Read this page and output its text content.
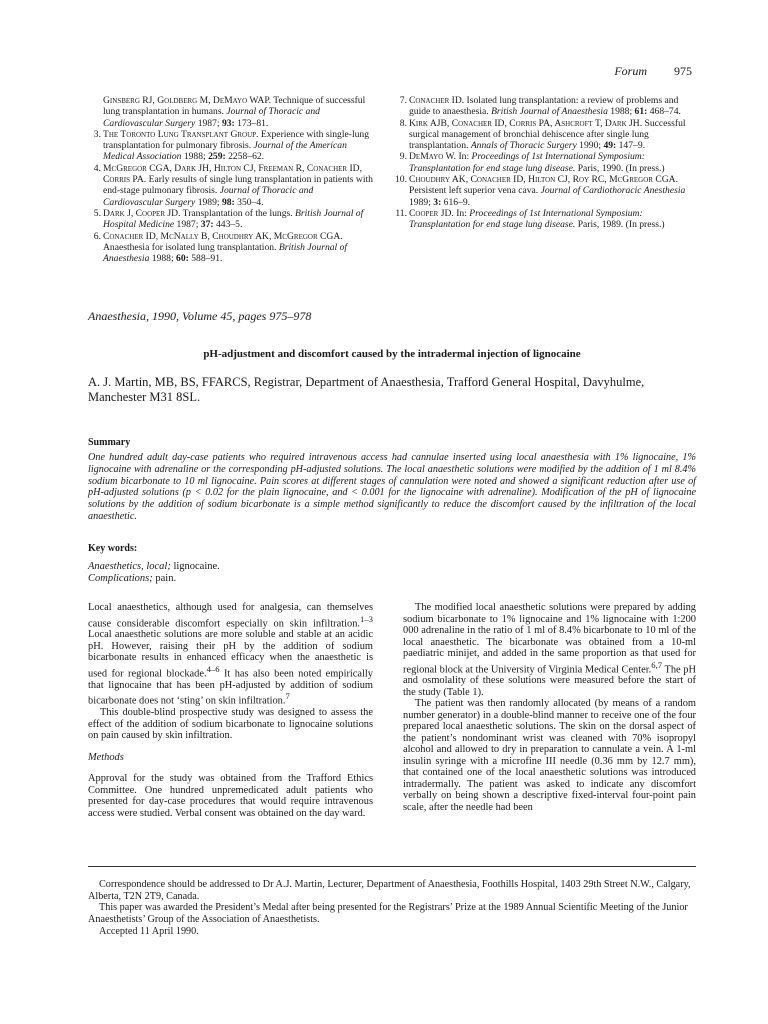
Forum 975
Ginsberg RJ, Goldberg M, DeMayo WAP. Technique of successful lung transplantation in humans. Journal of Thoracic and Cardiovascular Surgery 1987; 93: 173–81.
3. The Toronto Lung Transplant Group. Experience with single-lung transplantation for pulmonary fibrosis. Journal of the American Medical Association 1988; 259: 2258–62.
4. McGregor CGA, Dark JH, Hilton CJ, Freeman R, Conacher ID, Corris PA. Early results of single lung transplantation in patients with end-stage pulmonary fibrosis. Journal of Thoracic and Cardiovascular Surgery 1989; 98: 350–4.
5. Dark J, Cooper JD. Transplantation of the lungs. British Journal of Hospital Medicine 1987; 37: 443–5.
6. Conacher ID, McNally B, Choudhry AK, McGregor CGA. Anaesthesia for isolated lung transplantation. British Journal of Anaesthesia 1988; 60: 588–91.
7. Conacher ID. Isolated lung transplantation: a review of problems and guide to anaesthesia. British Journal of Anaesthesia 1988; 61: 468–74.
8. Kirk AJB, Conacher ID, Corris PA, Ashcroft T, Dark JH. Successful surgical management of bronchial dehiscence after single lung transplantation. Annals of Thoracic Surgery 1990; 49: 147–9.
9. DeMayo W. In: Proceedings of 1st International Symposium: Transplantation for end stage lung disease. Paris, 1990. (In press.)
10. Choudhry AK, Conacher ID, Hilton CJ, Roy RC, McGregor CGA. Persistent left superior vena cava. Journal of Cardiothoracic Anesthesia 1989; 3: 616–9.
11. Cooper JD. In: Proceedings of 1st International Symposium: Transplantation for end stage lung disease. Paris, 1989. (In press.)
Anaesthesia, 1990, Volume 45, pages 975–978
pH-adjustment and discomfort caused by the intradermal injection of lignocaine
A. J. Martin, MB, BS, FFARCS, Registrar, Department of Anaesthesia, Trafford General Hospital, Davyhulme, Manchester M31 8SL.
Summary
One hundred adult day-case patients who required intravenous access had cannulae inserted using local anaesthesia with 1% lignocaine, 1% lignocaine with adrenaline or the corresponding pH-adjusted solutions. The local anaesthetic solutions were modified by the addition of 1 ml 8.4% sodium bicarbonate to 10 ml lignocaine. Pain scores at different stages of cannulation were noted and showed a significant reduction after use of pH-adjusted solutions (p < 0.02 for the plain lignocaine, and < 0.001 for the lignocaine with adrenaline). Modification of the pH of lignocaine solutions by the addition of sodium bicarbonate is a simple method significantly to reduce the discomfort caused by the infiltration of the local anaesthetic.
Key words:
Anaesthetics, local; lignocaine.
Complications; pain.

Local anaesthetics, although used for analgesia, can themselves cause considerable discomfort especially on skin infiltration.$^{1-3}$ Local anaesthetic solutions are more soluble and stable at an acidic pH. However, raising their pH by the addition of sodium bicarbonate results in enhanced efficacy when the anaesthetic is used for regional blockade.$^{4-6}$ It has also been noted empirically that lignocaine that has been pH-adjusted by addition of sodium bicarbonate does not ‘sting’ on skin infiltration.$^7$

This double-blind prospective study was designed to assess the effect of the addition of sodium bicarbonate to lignocaine solutions on pain caused by skin infiltration.

Methods

Approval for the study was obtained from the Trafford Ethics Committee. One hundred unpremedicated adult patients who presented for day-case procedures that would require intravenous access were studied. Verbal consent was obtained on the day ward.

The modified local anaesthetic solutions were prepared by adding sodium bicarbonate to 1% lignocaine and 1% lignocaine with 1:200 000 adrenaline in the ratio of 1 ml of 8.4% bicarbonate to 10 ml of the local anaesthetic. The bicarbonate was obtained from a 10-ml paediatric minijet, and added in the same proportion as that used for regional block at the University of Virginia Medical Center.$^{6,7}$ The pH and osmolality of these solutions were measured before the start of the study (Table 1).

The patient was then randomly allocated (by means of a random number generator) in a double-blind manner to receive one of the four prepared local anaesthetic solutions. The skin on the dorsal aspect of the patient’s nondominant wrist was cleaned with 70% isopropyl alcohol and allowed to dry in preparation to cannulate a vein. A 1-ml insulin syringe with a microfine III needle (0.36 mm by 12.7 mm), that contained one of the local anaesthetic solutions was introduced intradermally. The patient was asked to indicate any discomfort verbally on being shown a descriptive fixed-interval four-point pain scale, after the needle had been

Correspondence should be addressed to Dr A.J. Martin, Lecturer, Department of Anaesthesia, Foothills Hospital, 1403 29th Street N.W., Calgary, Alberta, T2N 2T9, Canada.

This paper was awarded the President’s Medal after being presented for the Registrars’ Prize at the 1989 Annual Scientific Meeting of the Junior Anaesthetists’ Group of the Association of Anaesthetists.

Accepted 11 April 1990.
